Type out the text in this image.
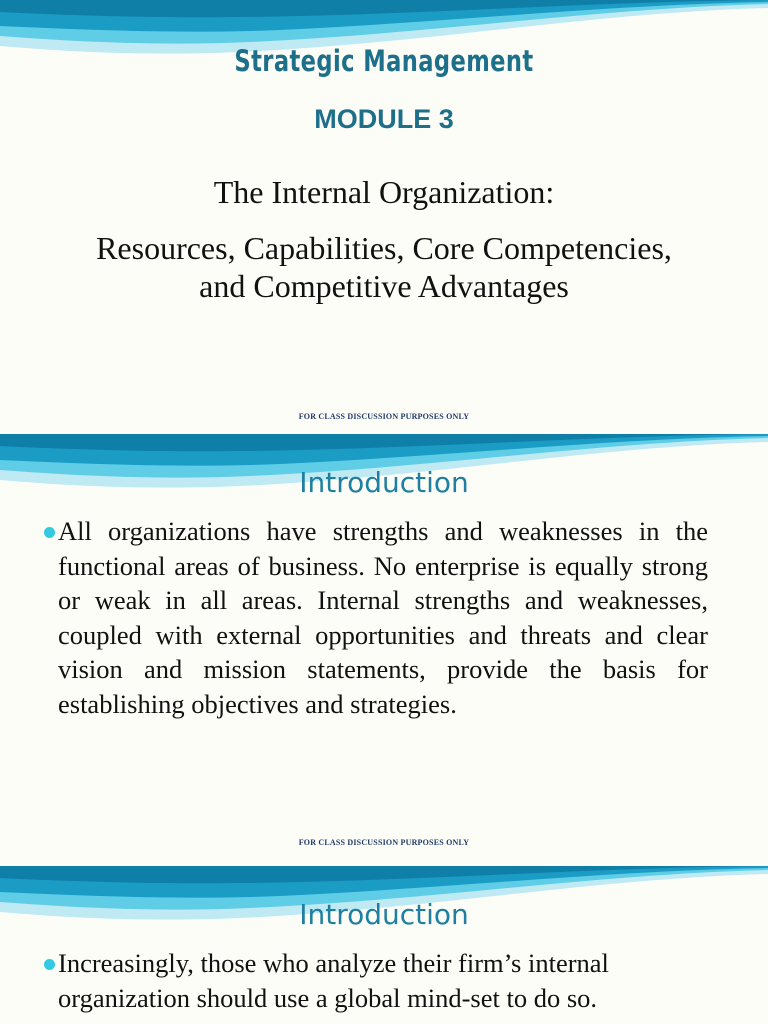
Strategic Management
MODULE 3
The Internal Organization:
Resources, Capabilities, Core Competencies,
and Competitive Advantages
FOR CLASS DISCUSSION PURPOSES ONLY
Introduction
All organizations have strengths and weaknesses in the functional areas of business. No enterprise is equally strong or weak in all areas. Internal strengths and weaknesses, coupled with external opportunities and threats and clear vision and mission statements, provide the basis for establishing objectives and strategies.
FOR CLASS DISCUSSION PURPOSES ONLY
Introduction
Increasingly, those who analyze their firm’s internal organization should use a global mind-set to do so.
